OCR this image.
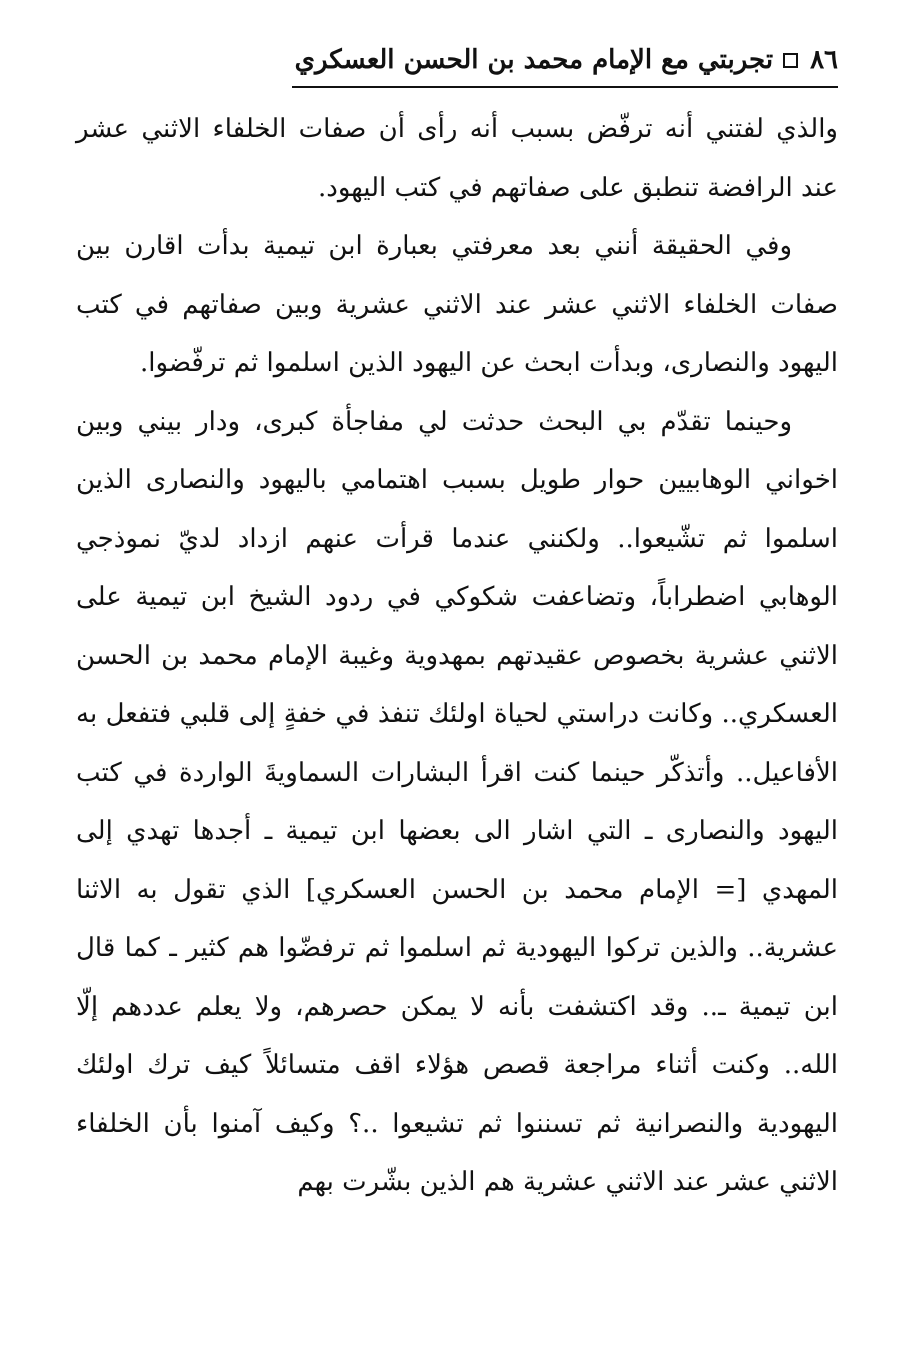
٨٦
تجربتي مع الإمام محمد بن الحسن العسكري

والذي لفتني أنه ترفّض بسبب أنه رأى أن صفات الخلفاء الاثني عشر عند الرافضة تنطبق على صفاتهم في كتب اليهود.

وفي الحقيقة أنني بعد معرفتي بعبارة ابن تيمية بدأت اقارن بين صفات الخلفاء الاثني عشر عند الاثني عشرية وبين صفاتهم في كتب اليهود والنصارى، وبدأت ابحث عن اليهود الذين اسلموا ثم ترفّضوا.

وحينما تقدّم بي البحث حدثت لي مفاجأة كبرى، ودار بيني وبين اخواني الوهابيين حوار طويل بسبب اهتمامي باليهود والنصارى الذين اسلموا ثم تشّيعوا.. ولكنني عندما قرأت عنهم ازداد لديّ نموذجي الوهابي اضطراباً، وتضاعفت شكوكي في ردود الشيخ ابن تيمية على الاثني عشرية بخصوص عقيدتهم بمهدوية وغيبة الإمام محمد بن الحسن العسكري.. وكانت دراستي لحياة اولئك تنفذ في خفةٍ إلى قلبي فتفعل به الأفاعيل.. وأتذكّر حينما كنت اقرأ البشارات السماويةَ الواردة في كتب اليهود والنصارى ـ التي اشار الى بعضها ابن تيمية ـ أجدها تهدي إلى المهدي [= الإمام محمد بن الحسن العسكري] الذي تقول به الاثنا عشرية.. والذين تركوا اليهودية ثم اسلموا ثم ترفضّوا هم كثير ـ كما قال ابن تيمية ـ.. وقد اكتشفت بأنه لا يمكن حصرهم، ولا يعلم عددهم إلّا الله.. وكنت أثناء مراجعة قصص هؤلاء اقف متسائلاً كيف ترك اولئك اليهودية والنصرانية ثم تسننوا ثم تشيعوا ..؟ وكيف آمنوا بأن الخلفاء الاثني عشر عند الاثني عشرية هم الذين بشّرت بهم
